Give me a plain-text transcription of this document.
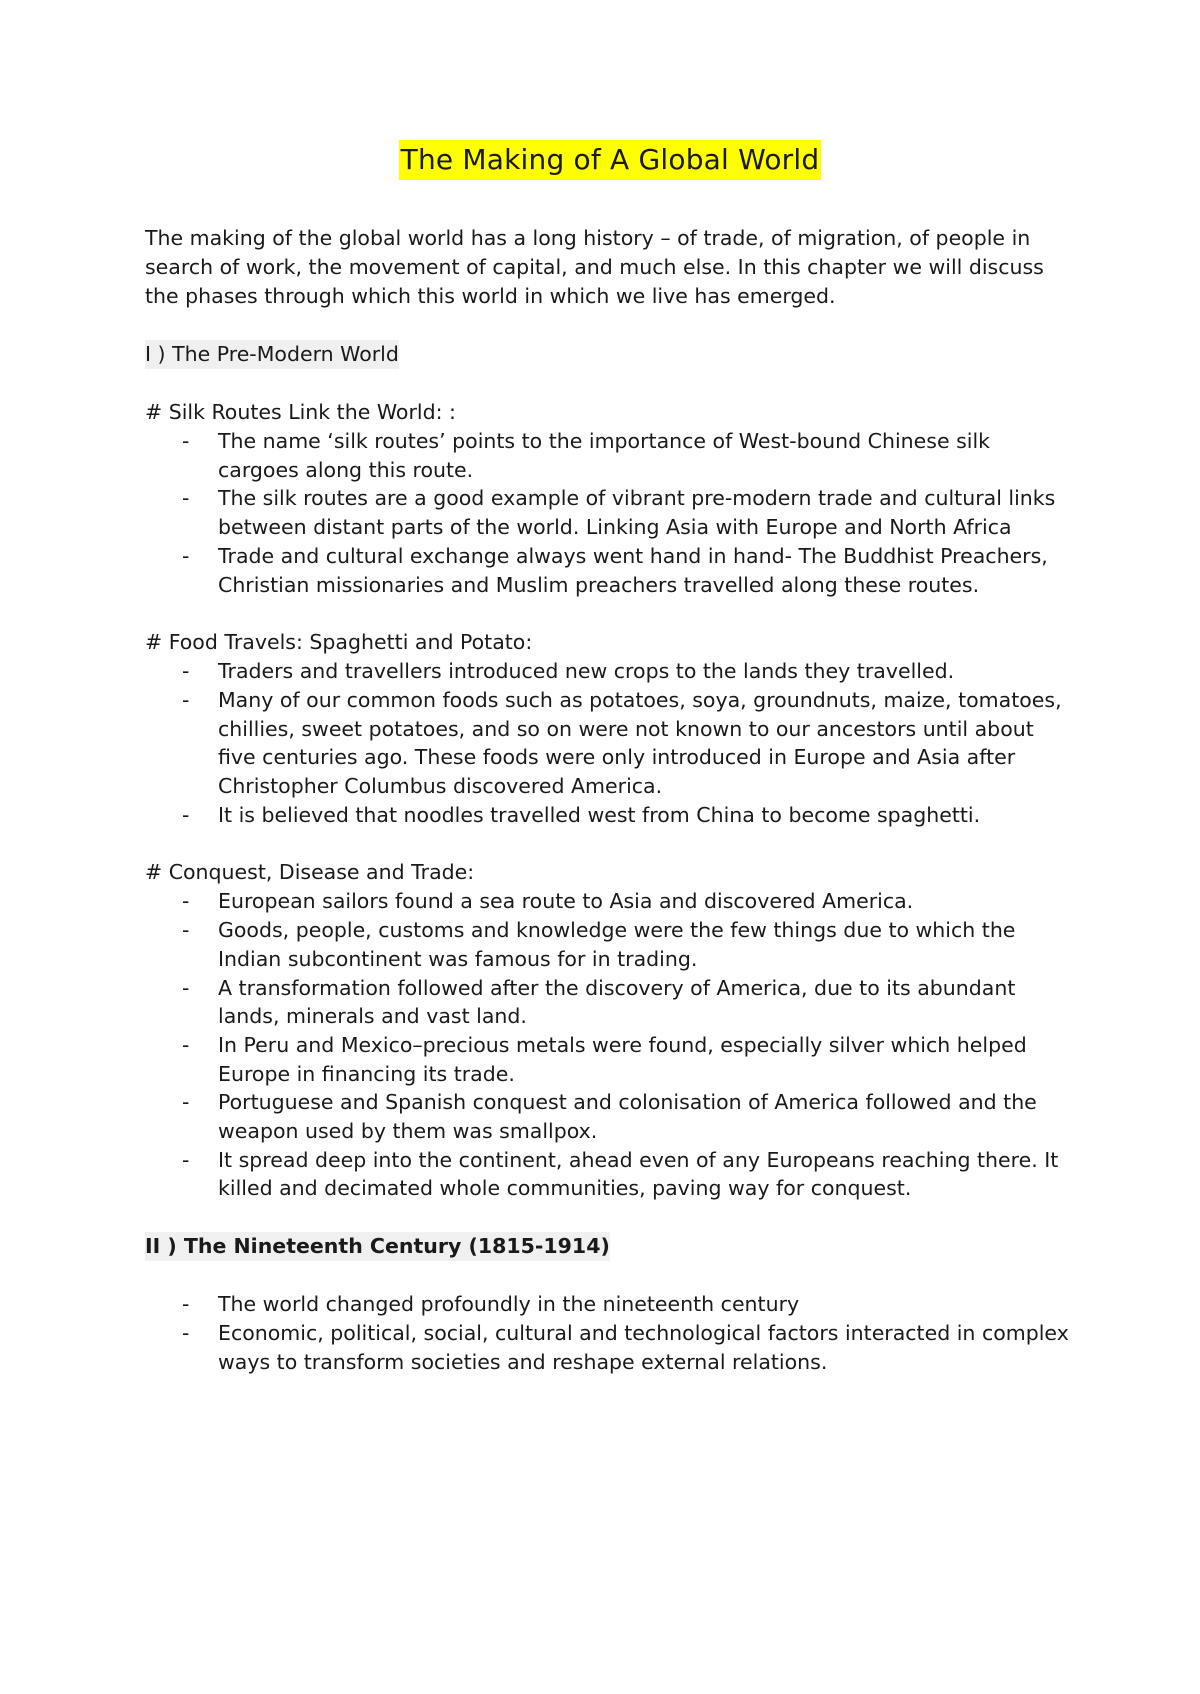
The Making of A Global World

The making of the global world has a long history – of trade, of migration, of people in search of work, the movement of capital, and much else. In this chapter we will discuss the phases through which this world in which we live has emerged.

I ) The Pre-Modern World
# Silk Routes Link the World: :
- The name ‘silk routes’ points to the importance of West-bound Chinese silk cargoes along this route.
- The silk routes are a good example of vibrant pre-modern trade and cultural links between distant parts of the world. Linking Asia with Europe and North Africa
- Trade and cultural exchange always went hand in hand- The Buddhist Preachers, Christian missionaries and Muslim preachers travelled along these routes.
# Food Travels: Spaghetti and Potato:
- Traders and travellers introduced new crops to the lands they travelled.
- Many of our common foods such as potatoes, soya, groundnuts, maize, tomatoes, chillies, sweet potatoes, and so on were not known to our ancestors until about five centuries ago. These foods were only introduced in Europe and Asia after Christopher Columbus discovered America.
- It is believed that noodles travelled west from China to become spaghetti.
# Conquest, Disease and Trade:
- European sailors found a sea route to Asia and discovered America.
- Goods, people, customs and knowledge were the few things due to which the Indian subcontinent was famous for in trading.
- A transformation followed after the discovery of America, due to its abundant lands, minerals and vast land.
- In Peru and Mexico–precious metals were found, especially silver which helped Europe in financing its trade.
- Portuguese and Spanish conquest and colonisation of America followed and the weapon used by them was smallpox.
- It spread deep into the continent, ahead even of any Europeans reaching there. It killed and decimated whole communities, paving way for conquest.
II ) The Nineteenth Century (1815-1914)
- The world changed profoundly in the nineteenth century
- Economic, political, social, cultural and technological factors interacted in complex ways to transform societies and reshape external relations.
